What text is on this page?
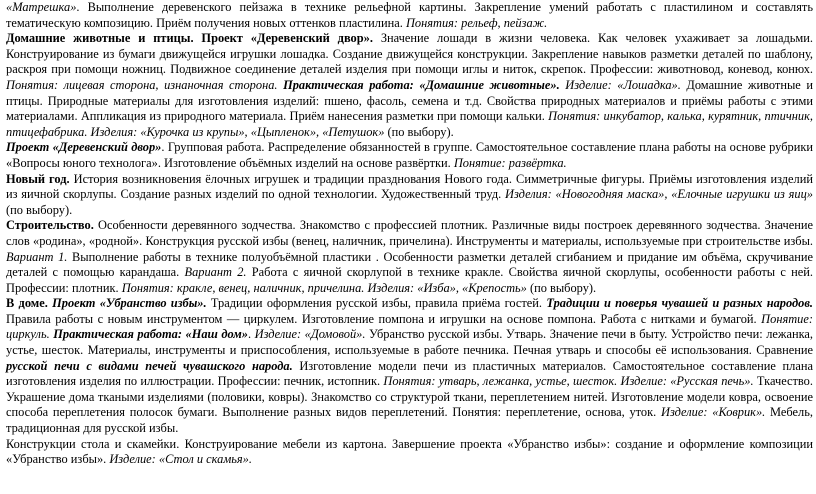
«Матрешка». Выполнение деревенского пейзажа в технике рельефной картины. Закрепление умений работать с пластилином и составлять тематическую композицию. Приём получения новых оттенков пластилина. Понятия: рельеф, пейзаж.

Домашние животные и птицы. Проект «Деревенский двор». Значение лошади в жизни человека. Как человек ухаживает за лошадьми. Конструирование из бумаги движущейся игрушки лошадка. Создание движущейся конструкции. Закрепление навыков разметки деталей по шаблону, раскроя при помощи ножниц. Подвижное соединение деталей изделия при помощи иглы и ниток, скрепок. Профессии: животновод, коневод, конюх. Понятия: лицевая сторона, изнаночная сторона. Практическая работа: «Домашние животные». Изделие: «Лошадка». Домашние животные и птицы. Природные материалы для изготовления изделий: пшено, фасоль, семена и т.д. Свойства природных материалов и приёмы работы с этими материалами. Аппликация из природного материала. Приём нанесения разметки при помощи кальки. Понятия: инкубатор, калька, курятник, птичник, птицефабрика. Изделия: «Курочка из крупы», «Цыпленок», «Петушок» (по выбору).

Проект «Деревенский двор». Групповая работа. Распределение обязанностей в группе. Самостоятельное составление плана работы на основе рубрики «Вопросы юного технолога». Изготовление объёмных изделий на основе развёртки. Понятие: развёртка.

Новый год. История возникновения ёлочных игрушек и традиции празднования Нового года. Симметричные фигуры. Приёмы изготовления изделий из яичной скорлупы. Создание разных изделий по одной технологии. Художественный труд. Изделия: «Новогодняя маска», «Елочные игрушки из яиц» (по выбору).

Строительство. Особенности деревянного зодчества. Знакомство с профессией плотник. Различные виды построек деревянного зодчества. Значение слов «родина», «родной». Конструкция русской избы (венец, наличник, причелина). Инструменты и материалы, используемые при строительстве избы. Вариант 1. Выполнение работы в технике полуобъёмной пластики . Особенности разметки деталей сгибанием и придание им объёма, скручивание деталей с помощью карандаша. Вариант 2. Работа с яичной скорлупой в технике кракле. Свойства яичной скорлупы, особенности работы с ней. Профессии: плотник. Понятия: кракле, венец, наличник, причелина. Изделия: «Изба», «Крепость» (по выбору).

В доме. Проект «Убранство избы». Традиции оформления русской избы, правила приёма гостей. Традиции и поверья чувашей и разных народов. Правила работы с новым инструментом — циркулем. Изготовление помпона и игрушки на основе помпона. Работа с нитками и бумагой. Понятие: циркуль. Практическая работа: «Наш дом». Изделие: «Домовой». Убранство русской избы. Утварь. Значение печи в быту. Устройство печи: лежанка, устье, шесток. Материалы, инструменты и приспособления, используемые в работе печника. Печная утварь и способы её использования. Сравнение русской печи с видами печей чувашского народа. Изготовление модели печи из пластичных материалов. Самостоятельное составление плана изготовления изделия по иллюстрации. Профессии: печник, истопник. Понятия: утварь, лежанка, устье, шесток. Изделие: «Русская печь». Ткачество. Украшение дома ткаными изделиями (половики, ковры). Знакомство со структурой ткани, переплетением нитей. Изготовление модели ковра, освоение способа переплетения полосок бумаги. Выполнение разных видов переплетений. Понятия: переплетение, основа, уток. Изделие: «Коврик». Мебель, традиционная для русской избы.

Конструкции стола и скамейки. Конструирование мебели из картона. Завершение проекта «Убранство избы»: создание и оформление композиции «Убранство избы». Изделие: «Стол и скамья».
